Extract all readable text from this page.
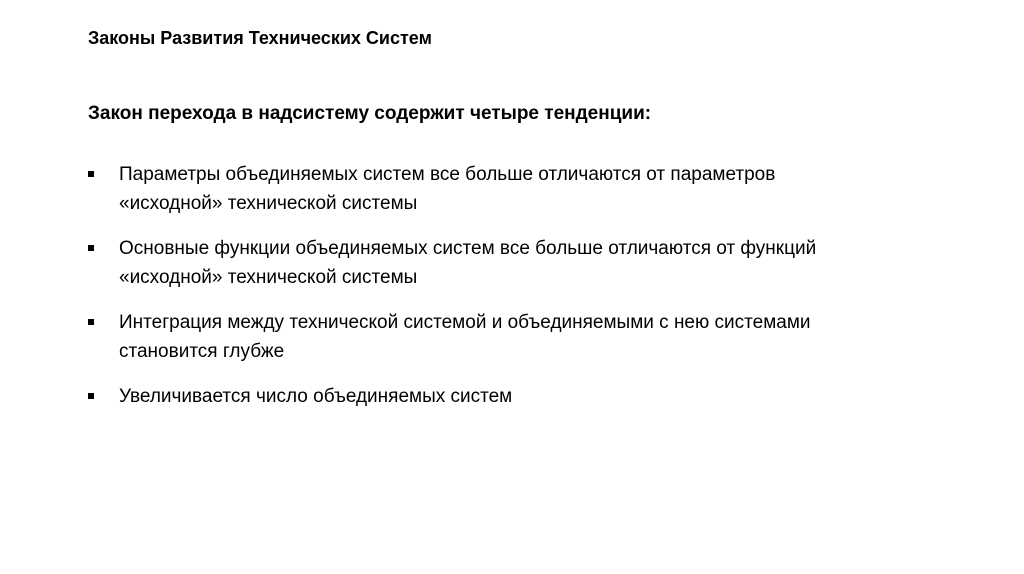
Законы Развития Технических Систем
Закон перехода в надсистему содержит четыре тенденции:
Параметры объединяемых систем все больше отличаются от параметров
«исходной» технической системы
Основные функции объединяемых систем все больше отличаются от функций
«исходной» технической системы
Интеграция между технической системой и объединяемыми с нею системами
становится глубже
Увеличивается число объединяемых систем
